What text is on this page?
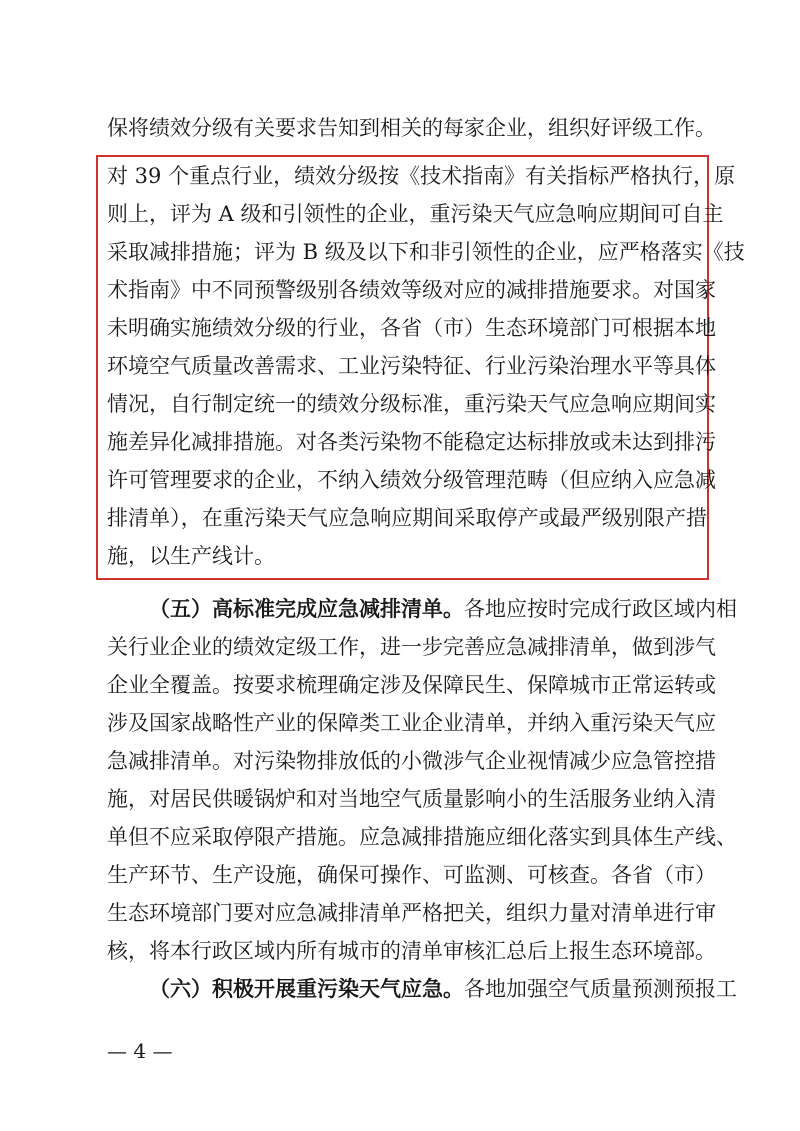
保将绩效分级有关要求告知到相关的每家企业，组织好评级工作。
对 39 个重点行业，绩效分级按《技术指南》有关指标严格执行，原
则上，评为 A 级和引领性的企业，重污染天气应急响应期间可自主
采取减排措施；评为 B 级及以下和非引领性的企业，应严格落实《技
术指南》中不同预警级别各绩效等级对应的减排措施要求。对国家
未明确实施绩效分级的行业，各省（市）生态环境部门可根据本地
环境空气质量改善需求、工业污染特征、行业污染治理水平等具体
情况，自行制定统一的绩效分级标准，重污染天气应急响应期间实
施差异化减排措施。对各类污染物不能稳定达标排放或未达到排污
许可管理要求的企业，不纳入绩效分级管理范畴（但应纳入应急减
排清单），在重污染天气应急响应期间采取停产或最严级别限产措
施，以生产线计。
（五）高标准完成应急减排清单。各地应按时完成行政区域内相
关行业企业的绩效定级工作，进一步完善应急减排清单，做到涉气
企业全覆盖。按要求梳理确定涉及保障民生、保障城市正常运转或
涉及国家战略性产业的保障类工业企业清单，并纳入重污染天气应
急减排清单。对污染物排放低的小微涉气企业视情减少应急管控措
施，对居民供暖锅炉和对当地空气质量影响小的生活服务业纳入清
单但不应采取停限产措施。应急减排措施应细化落实到具体生产线、
生产环节、生产设施，确保可操作、可监测、可核查。各省（市）
生态环境部门要对应急减排清单严格把关，组织力量对清单进行审
核，将本行政区域内所有城市的清单审核汇总后上报生态环境部。
（六）积极开展重污染天气应急。各地加强空气质量预测预报工
— 4 —
